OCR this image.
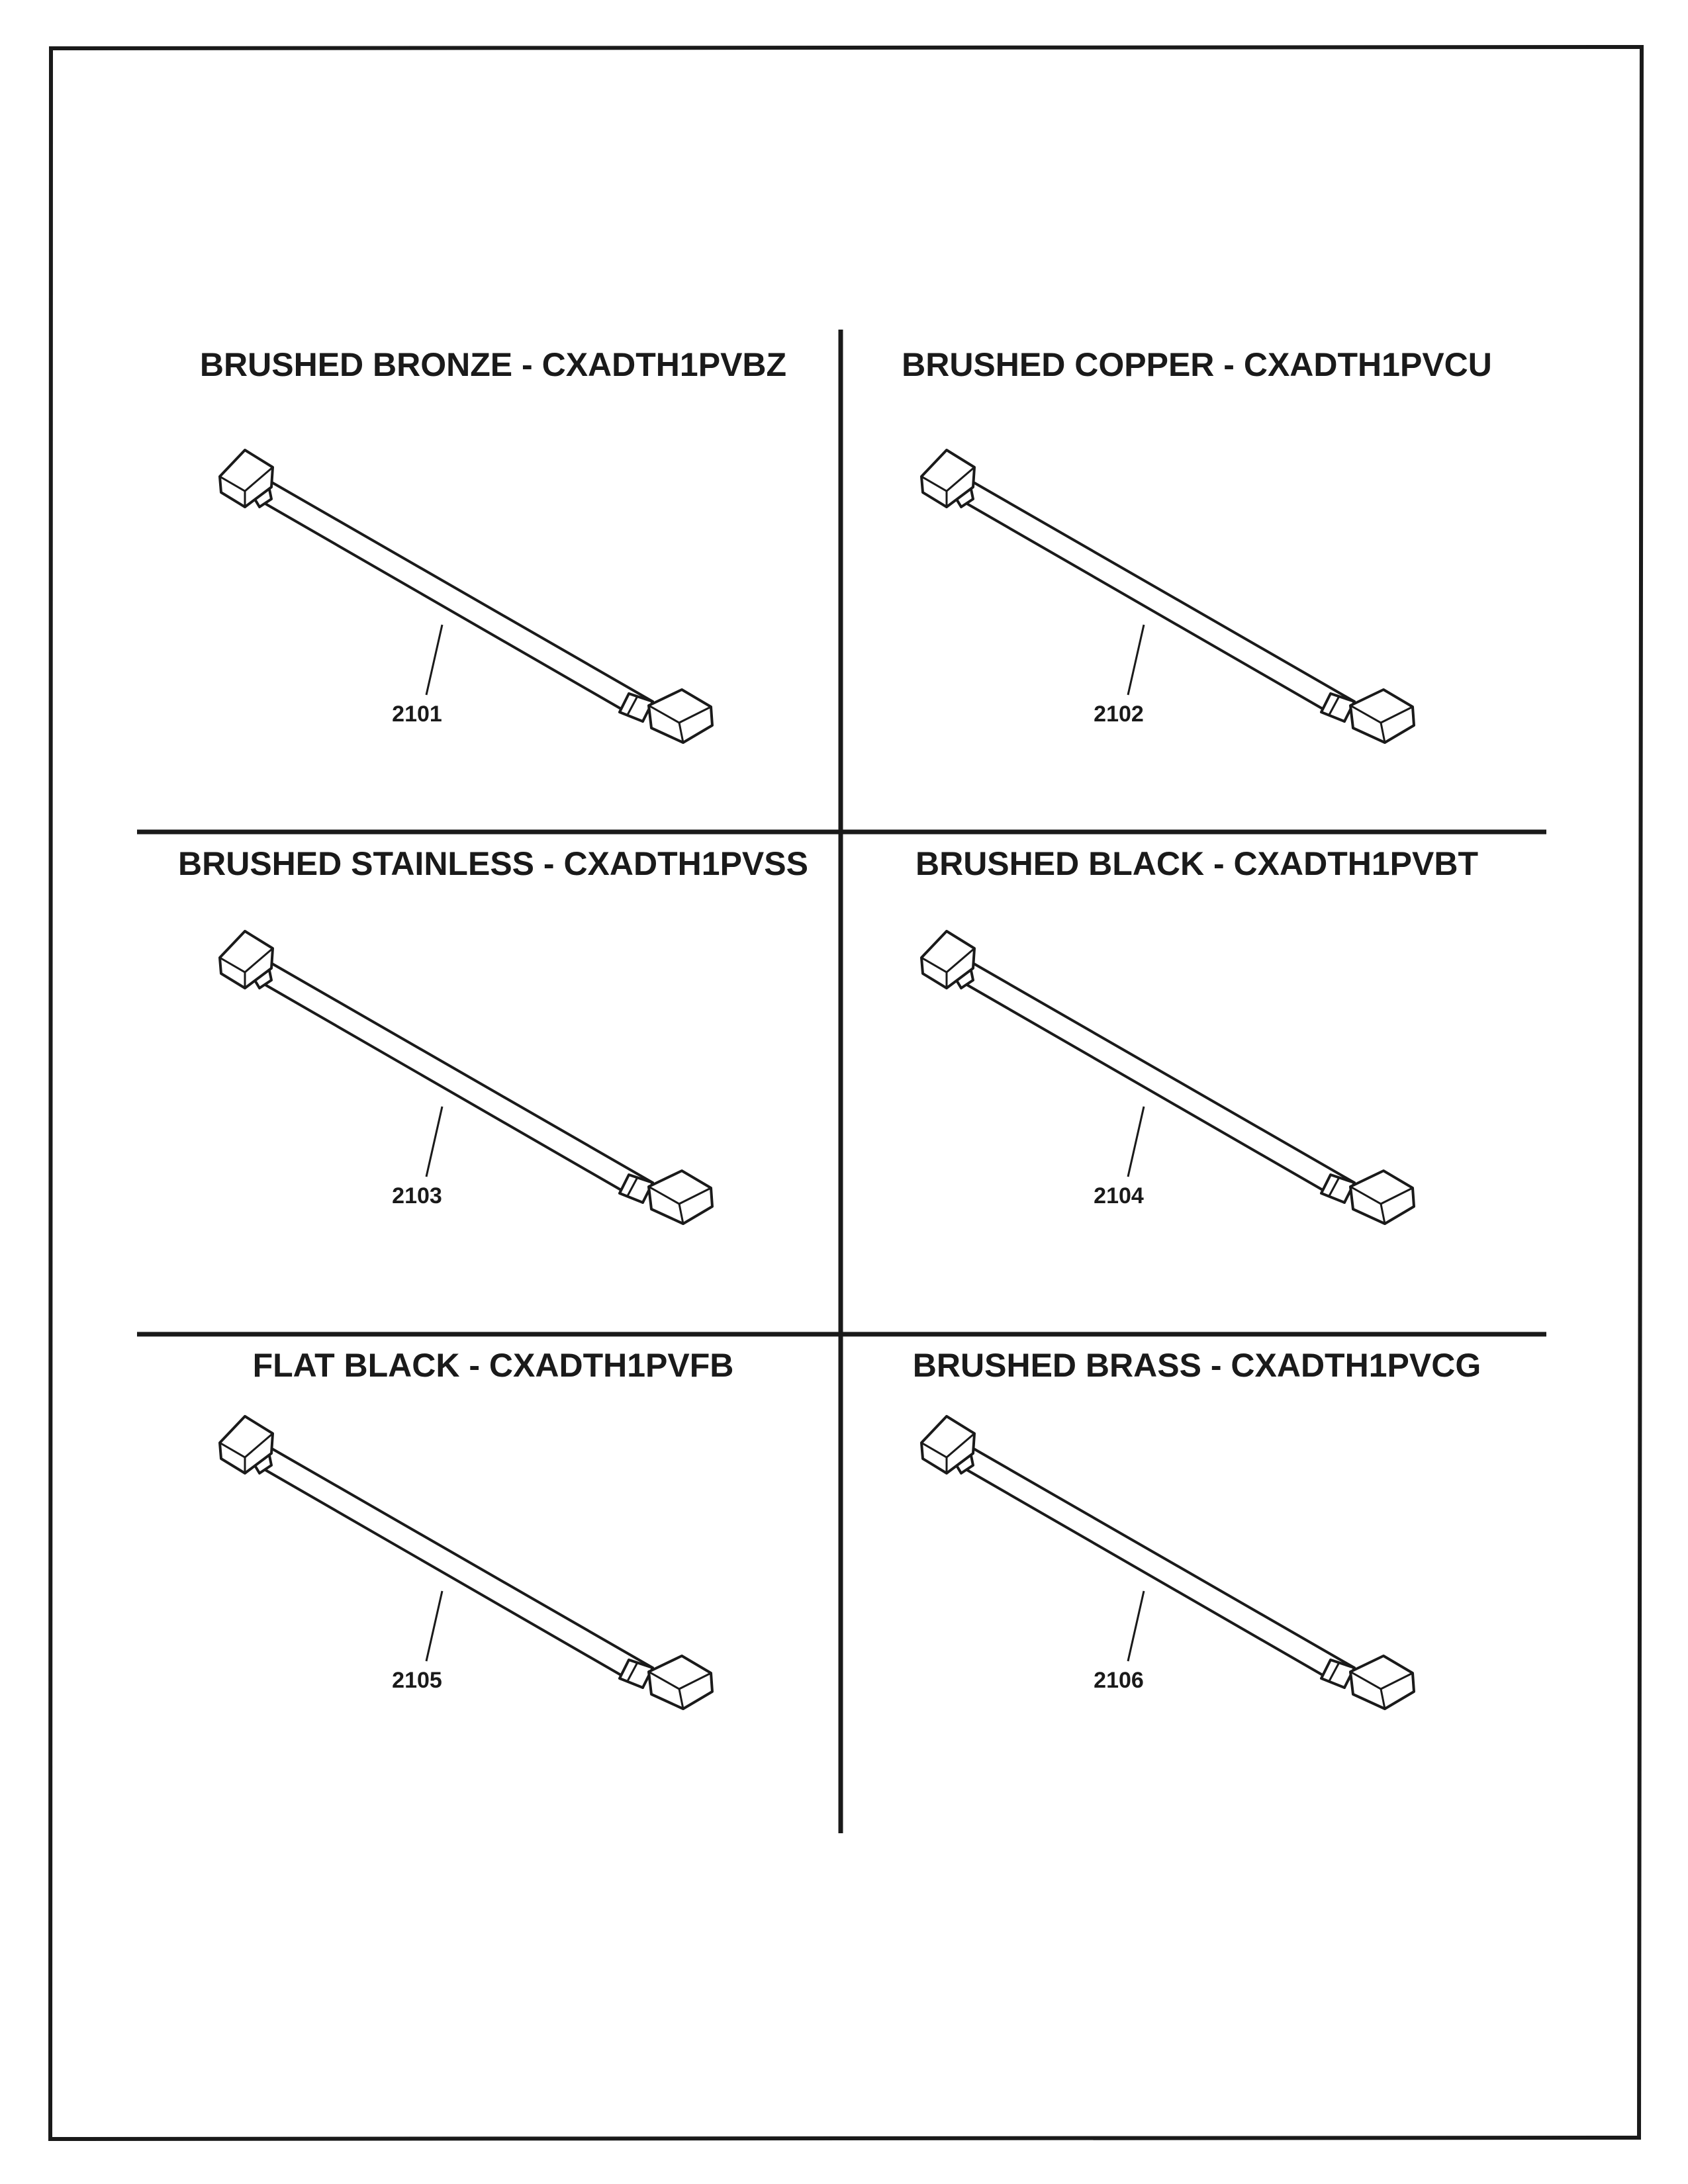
BRUSHED BRONZE - CXADTH1PVBZ	BRUSHED COPPER - CXADTH1PVCU
BRUSHED STAINLESS - CXADTH1PVSS	BRUSHED BLACK - CXADTH1PVBT
FLAT BLACK - CXADTH1PVFB	BRUSHED BRASS - CXADTH1PVCG
2101	2102
2103	2104
2105	2106
